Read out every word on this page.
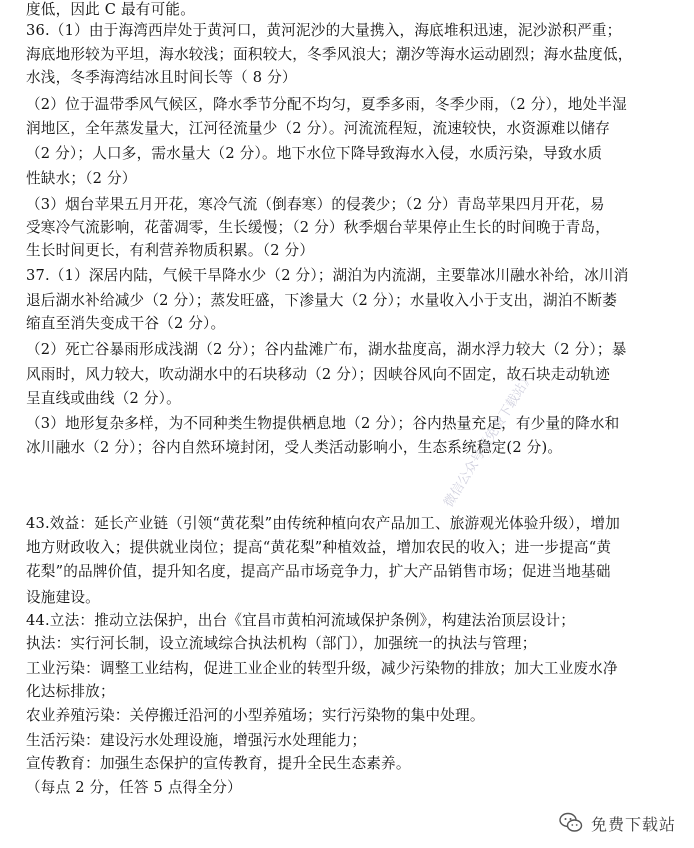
度低，因此 C 最有可能。
36.（1）由于海湾西岸处于黄河口，黄河泥沙的大量携入，海底堆积迅速，泥沙淤积严重；
海底地形较为平坦，海水较浅；面积较大，冬季风浪大；潮汐等海水运动剧烈；海水盐度低，
水浅，冬季海湾结冰且时间长等（ 8 分）
（2）位于温带季风气候区，降水季节分配不均匀，夏季多雨，冬季少雨，（2 分），地处半湿
润地区，全年蒸发量大，江河径流量少（2 分）。河流流程短，流速较快，水资源难以储存
（2 分）；人口多，需水量大（2 分）。地下水位下降导致海水入侵，水质污染，导致水质
性缺水；（2 分）
（3）烟台苹果五月开花，寒冷气流（倒春寒）的侵袭少；（2 分）青岛苹果四月开花，易
受寒冷气流影响，花蕾凋零，生长缓慢；（2 分）秋季烟台苹果停止生长的时间晚于青岛，
生长时间更长，有利营养物质积累。（2 分）
37.（1）深居内陆，气候干旱降水少（2 分）；湖泊为内流湖，主要靠冰川融水补给，冰川消
退后湖水补给减少（2 分）；蒸发旺盛，下渗量大（2 分）；水量收入小于支出，湖泊不断萎
缩直至消失变成干谷（2 分）。
（2）死亡谷暴雨形成浅湖（2 分）；谷内盐滩广布，湖水盐度高，湖水浮力较大（2 分）；暴
风雨时，风力较大，吹动湖水中的石块移动（2 分）；因峡谷风向不固定，故石块走动轨迹
呈直线或曲线（2 分）。
（3）地形复杂多样，为不同种类生物提供栖息地（2 分）；谷内热量充足，有少量的降水和
冰川融水（2 分）；谷内自然环境封闭，受人类活动影响小，生态系统稳定(2 分)。
43.效益：延长产业链（引领“黄花梨”由传统种植向农产品加工、旅游观光体验升级），增加
地方财政收入；提供就业岗位；提高“黄花梨”种植效益，增加农民的收入；进一步提高“黄
花梨”的品牌价值，提升知名度，提高产品市场竞争力，扩大产品销售市场；促进当地基础
设施建设。
44.立法：推动立法保护，出台《宜昌市黄柏河流域保护条例》，构建法治顶层设计；
执法：实行河长制，设立流域综合执法机构（部门），加强统一的执法与管理；
工业污染：调整工业结构，促进工业企业的转型升级，减少污染物的排放；加大工业废水净
化达标排放；
农业养殖污染：关停搬迁沿河的小型养殖场；实行污染物的集中处理。
生活污染：建设污水处理设施，增强污水处理能力；
宣传教育：加强生态保护的宣传教育，提升全民生态素养。
（每点 2 分，任答 5 点得全分）
微信公众号《免费下载站》
免费下载站
